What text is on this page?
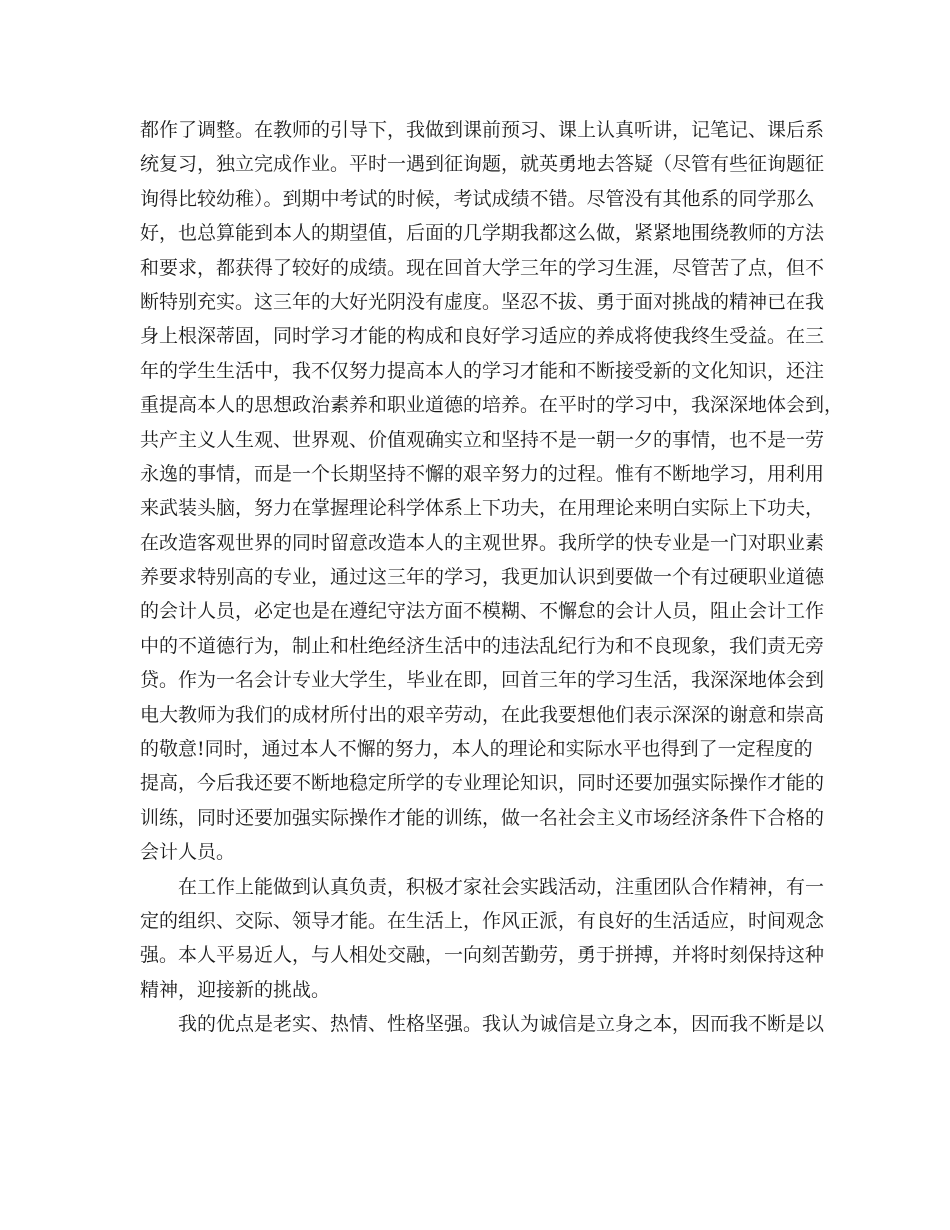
都作了调整。在教师的引导下，我做到课前预习、课上认真听讲，记笔记、课后系
统复习，独立完成作业。平时一遇到征询题，就英勇地去答疑（尽管有些征询题征
询得比较幼稚）。到期中考试的时候，考试成绩不错。尽管没有其他系的同学那么
好，也总算能到本人的期望值，后面的几学期我都这么做，紧紧地围绕教师的方法
和要求，都获得了较好的成绩。现在回首大学三年的学习生涯，尽管苦了点，但不
断特别充实。这三年的大好光阴没有虚度。坚忍不拔、勇于面对挑战的精神已在我
身上根深蒂固，同时学习才能的构成和良好学习适应的养成将使我终生受益。在三
年的学生生活中，我不仅努力提高本人的学习才能和不断接受新的文化知识，还注
重提高本人的思想政治素养和职业道德的培养。在平时的学习中，我深深地体会到，
共产主义人生观、世界观、价值观确实立和坚持不是一朝一夕的事情，也不是一劳
永逸的事情，而是一个长期坚持不懈的艰辛努力的过程。惟有不断地学习，用利用
来武装头脑，努力在掌握理论科学体系上下功夫，在用理论来明白实际上下功夫，
在改造客观世界的同时留意改造本人的主观世界。我所学的快专业是一门对职业素
养要求特别高的专业，通过这三年的学习，我更加认识到要做一个有过硬职业道德
的会计人员，必定也是在遵纪守法方面不模糊、不懈怠的会计人员，阻止会计工作
中的不道德行为，制止和杜绝经济生活中的违法乱纪行为和不良现象，我们责无旁
贷。作为一名会计专业大学生，毕业在即，回首三年的学习生活，我深深地体会到
电大教师为我们的成材所付出的艰辛劳动，在此我要想他们表示深深的谢意和崇高
的敬意!同时，通过本人不懈的努力，本人的理论和实际水平也得到了一定程度的
提高，今后我还要不断地稳定所学的专业理论知识，同时还要加强实际操作才能的
训练，同时还要加强实际操作才能的训练，做一名社会主义市场经济条件下合格的
会计人员。
　　在工作上能做到认真负责，积极才家社会实践活动，注重团队合作精神，有一
定的组织、交际、领导才能。在生活上，作风正派，有良好的生活适应，时间观念
强。本人平易近人，与人相处交融，一向刻苦勤劳，勇于拼搏，并将时刻保持这种
精神，迎接新的挑战。
　　我的优点是老实、热情、性格坚强。我认为诚信是立身之本，因而我不断是以
